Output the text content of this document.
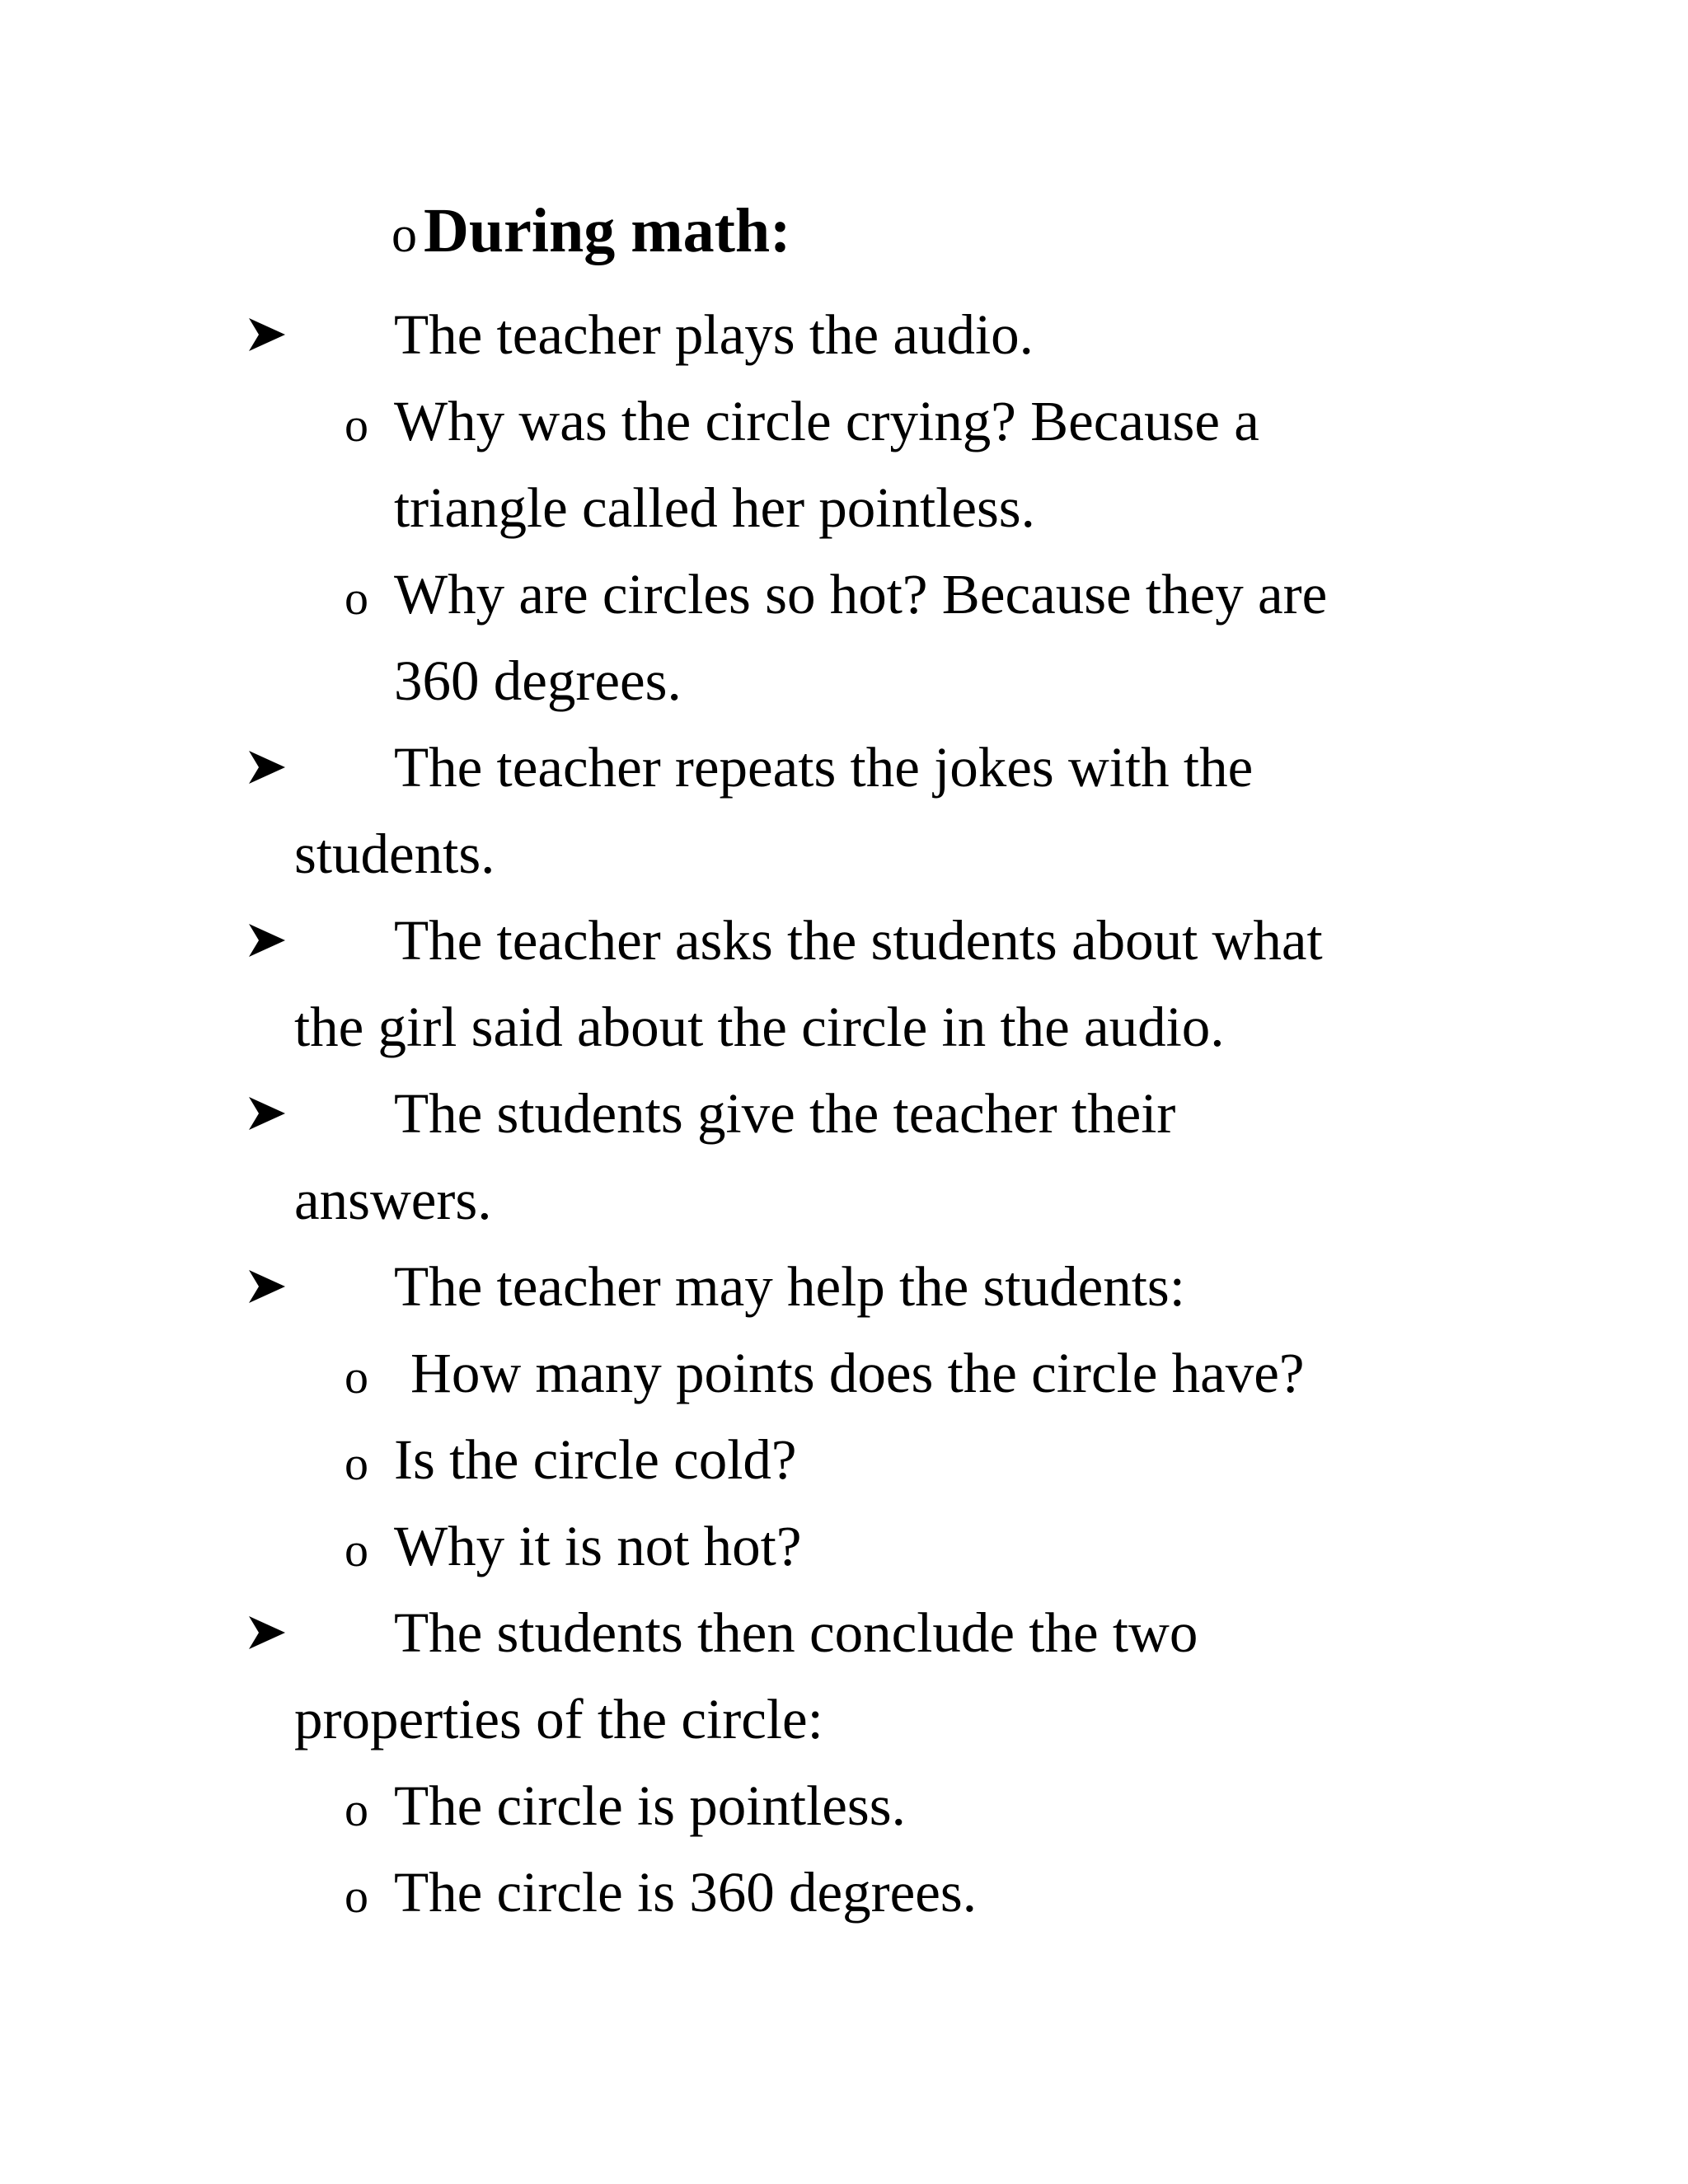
o During math:
The teacher plays the audio.
o Why was the circle crying? Because a
triangle called her pointless.
o Why are circles so hot? Because they are
360 degrees.
The teacher repeats the jokes with the
students.
The teacher asks the students about what
the girl said about the circle in the audio.
The students give the teacher their
answers.
The teacher may help the students:
o How many points does the circle have?
o Is the circle cold?
o Why it is not hot?
The students then conclude the two
properties of the circle:
o The circle is pointless.
o The circle is 360 degrees.
